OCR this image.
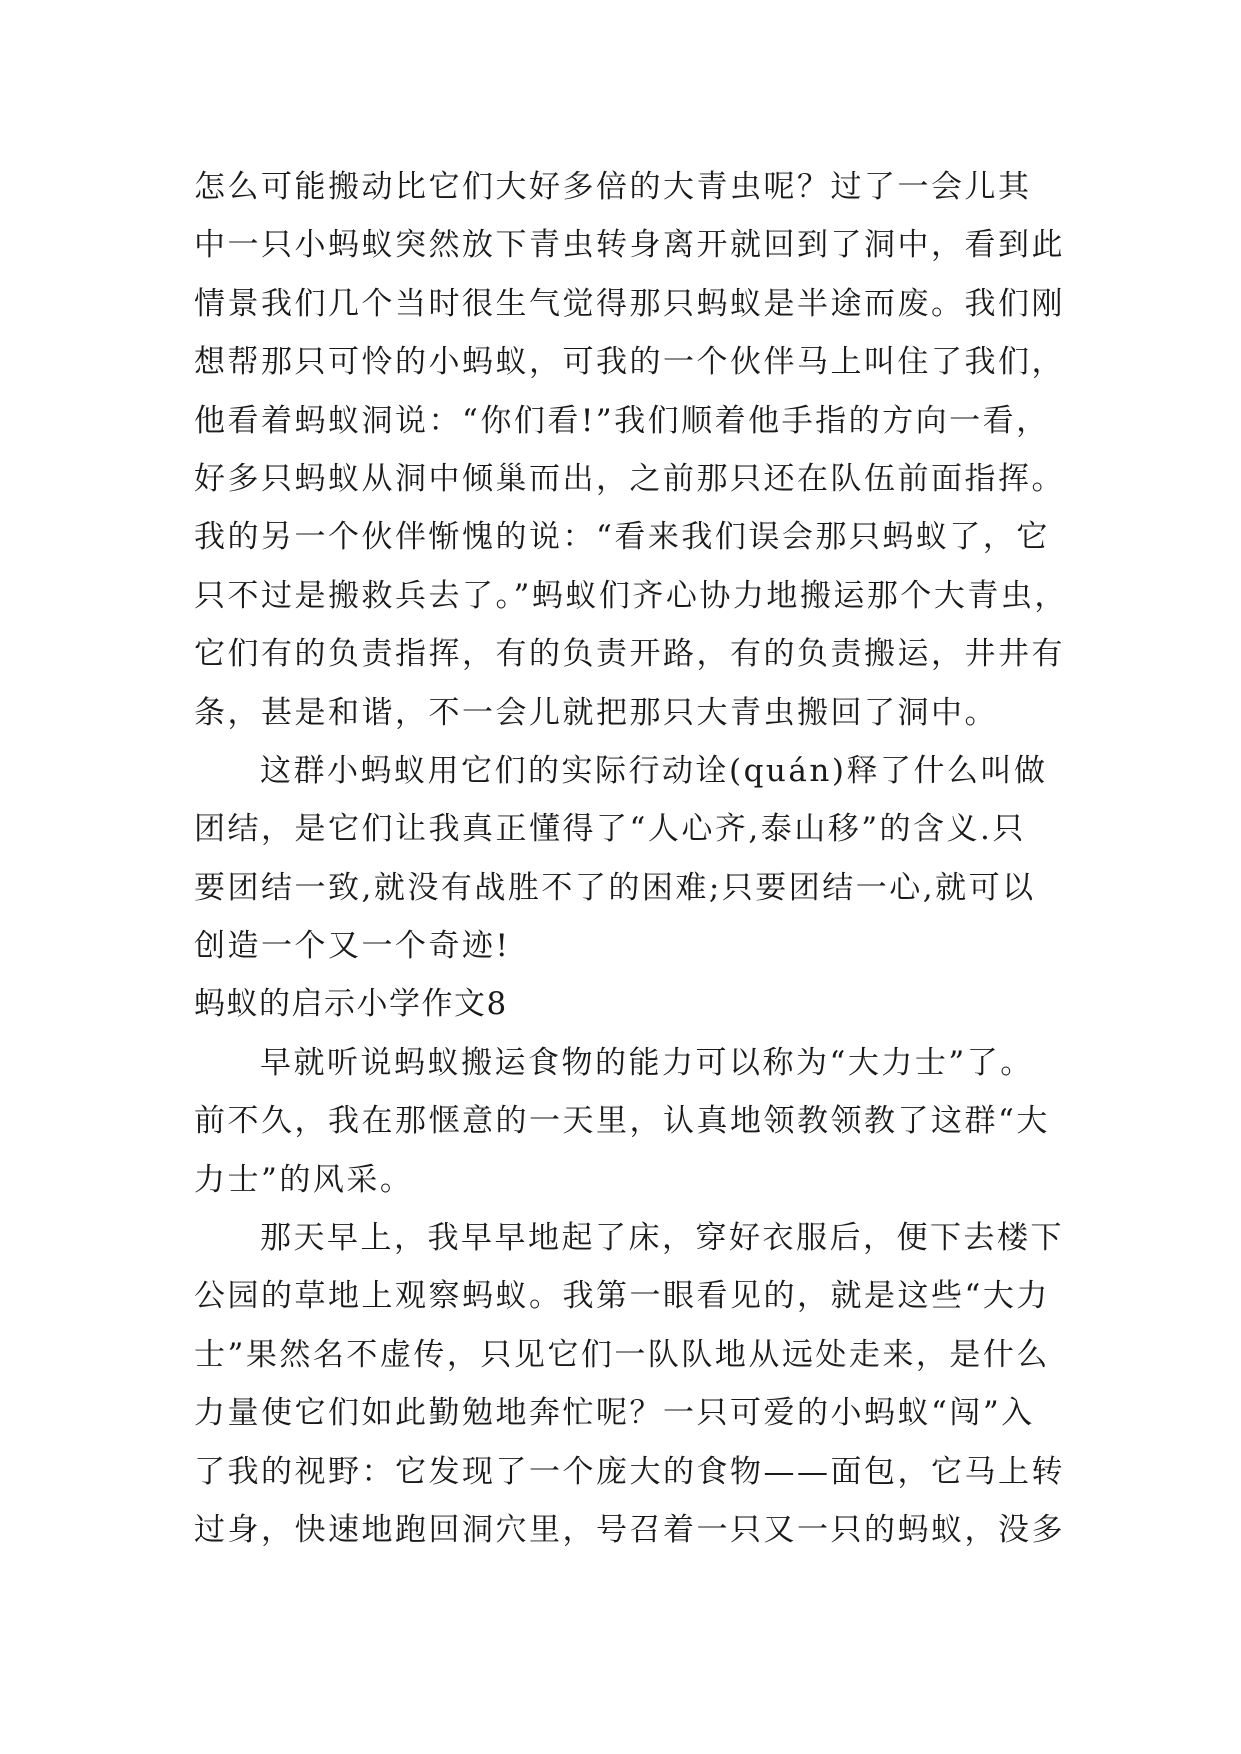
怎么可能搬动比它们大好多倍的大青虫呢？过了一会儿其
中一只小蚂蚁突然放下青虫转身离开就回到了洞中，看到此
情景我们几个当时很生气觉得那只蚂蚁是半途而废。我们刚
想帮那只可怜的小蚂蚁，可我的一个伙伴马上叫住了我们，
他看着蚂蚁洞说：“你们看!”我们顺着他手指的方向一看，
好多只蚂蚁从洞中倾巢而出，之前那只还在队伍前面指挥。
我的另一个伙伴惭愧的说：“看来我们误会那只蚂蚁了，它
只不过是搬救兵去了。”蚂蚁们齐心协力地搬运那个大青虫，
它们有的负责指挥，有的负责开路，有的负责搬运，井井有
条，甚是和谐，不一会儿就把那只大青虫搬回了洞中。
这群小蚂蚁用它们的实际行动诠(quán)释了什么叫做
团结，是它们让我真正懂得了“人心齐,泰山移”的含义.只
要团结一致,就没有战胜不了的困难;只要团结一心,就可以
创造一个又一个奇迹!
蚂蚁的启示小学作文8
早就听说蚂蚁搬运食物的能力可以称为“大力士”了。
前不久，我在那惬意的一天里，认真地领教领教了这群“大
力士”的风采。
那天早上，我早早地起了床，穿好衣服后，便下去楼下
公园的草地上观察蚂蚁。我第一眼看见的，就是这些“大力
士”果然名不虚传，只见它们一队队地从远处走来，是什么
力量使它们如此勤勉地奔忙呢？一只可爱的小蚂蚁“闯”入
了我的视野：它发现了一个庞大的食物——面包，它马上转
过身，快速地跑回洞穴里，号召着一只又一只的蚂蚁，没多
